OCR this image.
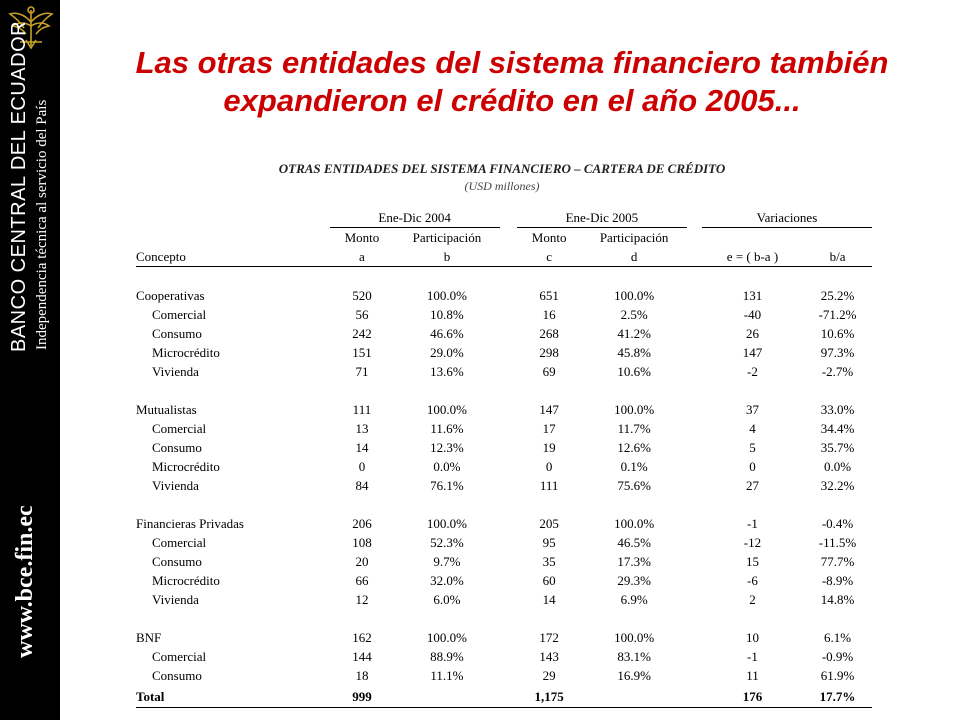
BANCO CENTRAL DEL ECUADOR Independencia técnica al servicio del País
www.bce.fin.ec
Las otras entidades del sistema financiero también expandieron el crédito en el año 2005...
OTRAS ENTIDADES DEL SISTEMA FINANCIERO – CARTERA DE CRÉDITO
(USD millones)
	Ene-Dic 2004			Ene-Dic 2005			Variaciones	
	Monto	Participación		Monto	Participación			
Concepto	a	b		c	d		e = ( b-a )	b/a

Cooperativas	520	100.0%		651	100.0%		131	25.2%
Comercial	56	10.8%		16	2.5%		-40	-71.2%
Consumo	242	46.6%		268	41.2%		26	10.6%
Microcrédito	151	29.0%		298	45.8%		147	97.3%
Vivienda	71	13.6%		69	10.6%		-2	-2.7%

Mutualistas	111	100.0%		147	100.0%		37	33.0%
Comercial	13	11.6%		17	11.7%		4	34.4%
Consumo	14	12.3%		19	12.6%		5	35.7%
Microcrédito	0	0.0%		0	0.1%		0	0.0%
Vivienda	84	76.1%		111	75.6%		27	32.2%

Financieras Privadas	206	100.0%		205	100.0%		-1	-0.4%
Comercial	108	52.3%		95	46.5%		-12	-11.5%
Consumo	20	9.7%		35	17.3%		15	77.7%
Microcrédito	66	32.0%		60	29.3%		-6	-8.9%
Vivienda	12	6.0%		14	6.9%		2	14.8%

BNF	162	100.0%		172	100.0%		10	6.1%
Comercial	144	88.9%		143	83.1%		-1	-0.9%
Consumo	18	11.1%		29	16.9%		11	61.9%
Total	999			1,175			176	17.7%
